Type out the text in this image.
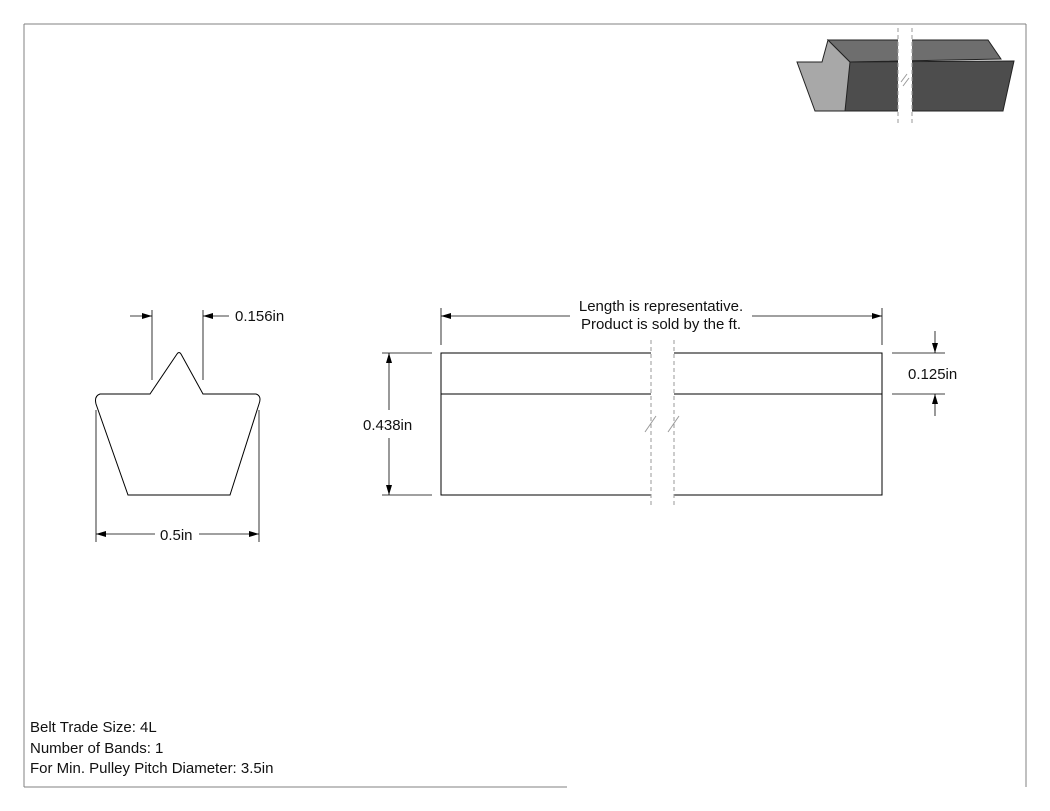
0.156in
0.5in
Length is representative.
Product is sold by the ft.
0.438in
0.125in
Belt Trade Size: 4L
Number of Bands: 1
For Min. Pulley Pitch Diameter: 3.5in
